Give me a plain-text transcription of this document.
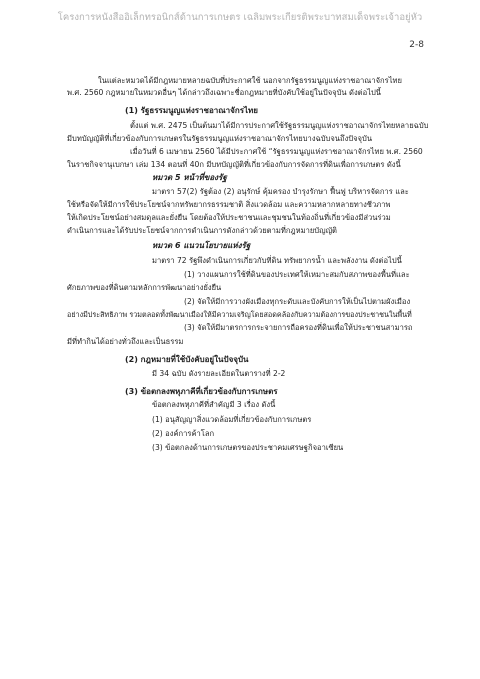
โครงการหนังสืออิเล็กทรอนิกส์ด้านการเกษตร เฉลิมพระเกียรติพระบาทสมเด็จพระเจ้าอยู่หัว
2-8
ในแต่ละหมวดได้มีกฎหมายหลายฉบับที่ประกาศใช้ นอกจากรัฐธรรมนูญแห่งราชอาณาจักรไทย
พ.ศ. 2560 กฎหมายในหมวดอื่นๆ ได้กล่าวถึงเฉพาะชื่อกฎหมายที่บังคับใช้อยู่ในปัจจุบัน ดังต่อไปนี้
(1) รัฐธรรมนูญแห่งราชอาณาจักรไทย
ตั้งแต่ พ.ศ. 2475 เป็นต้นมาได้มีการประกาศใช้รัฐธรรมนูญแห่งราชอาณาจักรไทยหลายฉบับ
มีบทบัญญัติที่เกี่ยวข้องกับการเกษตรในรัฐธรรมนูญแห่งราชอาณาจักรไทยบางฉบับจนถึงปัจจุบัน
เมื่อวันที่ 6 เมษายน 2560 ได้มีประกาศใช้ “รัฐธรรมนูญแห่งราชอาณาจักรไทย พ.ศ. 2560
ในราชกิจจานุเบกษา เล่ม 134 ตอนที่ 40ก มีบทบัญญัติที่เกี่ยวข้องกับการจัดการที่ดินเพื่อการเกษตร ดังนี้
หมวด 5 หน้าที่ของรัฐ
มาตรา 57(2) รัฐต้อง (2) อนุรักษ์ คุ้มครอง บำรุงรักษา ฟื้นฟู บริหารจัดการ และ
ใช้หรือจัดให้มีการใช้ประโยชน์จากทรัพยากรธรรมชาติ สิ่งแวดล้อม และความหลากหลายทางชีวภาพ
ให้เกิดประโยชน์อย่างสมดุลและยั่งยืน โดยต้องให้ประชาชนและชุมชนในท้องถิ่นที่เกี่ยวข้องมีส่วนร่วม
ดำเนินการและได้รับประโยชน์จากการดำเนินการดังกล่าวด้วยตามที่กฎหมายบัญญัติ
หมวด 6 แนวนโยบายแห่งรัฐ
มาตรา 72 รัฐพึงดำเนินการเกี่ยวกับที่ดิน ทรัพยากรน้ำ และพลังงาน ดังต่อไปนี้
(1) วางแผนการใช้ที่ดินของประเทศให้เหมาะสมกับสภาพของพื้นที่และ
ศักยภาพของที่ดินตามหลักการพัฒนาอย่างยั่งยืน
(2) จัดให้มีการวางผังเมืองทุกระดับและบังคับการให้เป็นไปตามผังเมือง
อย่างมีประสิทธิภาพ รวมตลอดทั้งพัฒนาเมืองให้มีความเจริญโดยสอดคล้องกับความต้องการของประชาชนในพื้นที่
(3) จัดให้มีมาตรการกระจายการถือครองที่ดินเพื่อให้ประชาชนสามารถ
มีที่ทำกินได้อย่างทั่วถึงและเป็นธรรม
(2) กฎหมายที่ใช้บังคับอยู่ในปัจจุบัน
มี 34 ฉบับ ดังรายละเอียดในตารางที่ 2-2
(3) ข้อตกลงพหุภาคีที่เกี่ยวข้องกับการเกษตร
ข้อตกลงพหุภาคีที่สำคัญมี 3 เรื่อง ดังนี้
(1) อนุสัญญาสิ่งแวดล้อมที่เกี่ยวข้องกับการเกษตร
(2) องค์การค้าโลก
(3) ข้อตกลงด้านการเกษตรของประชาคมเศรษฐกิจอาเซียน
